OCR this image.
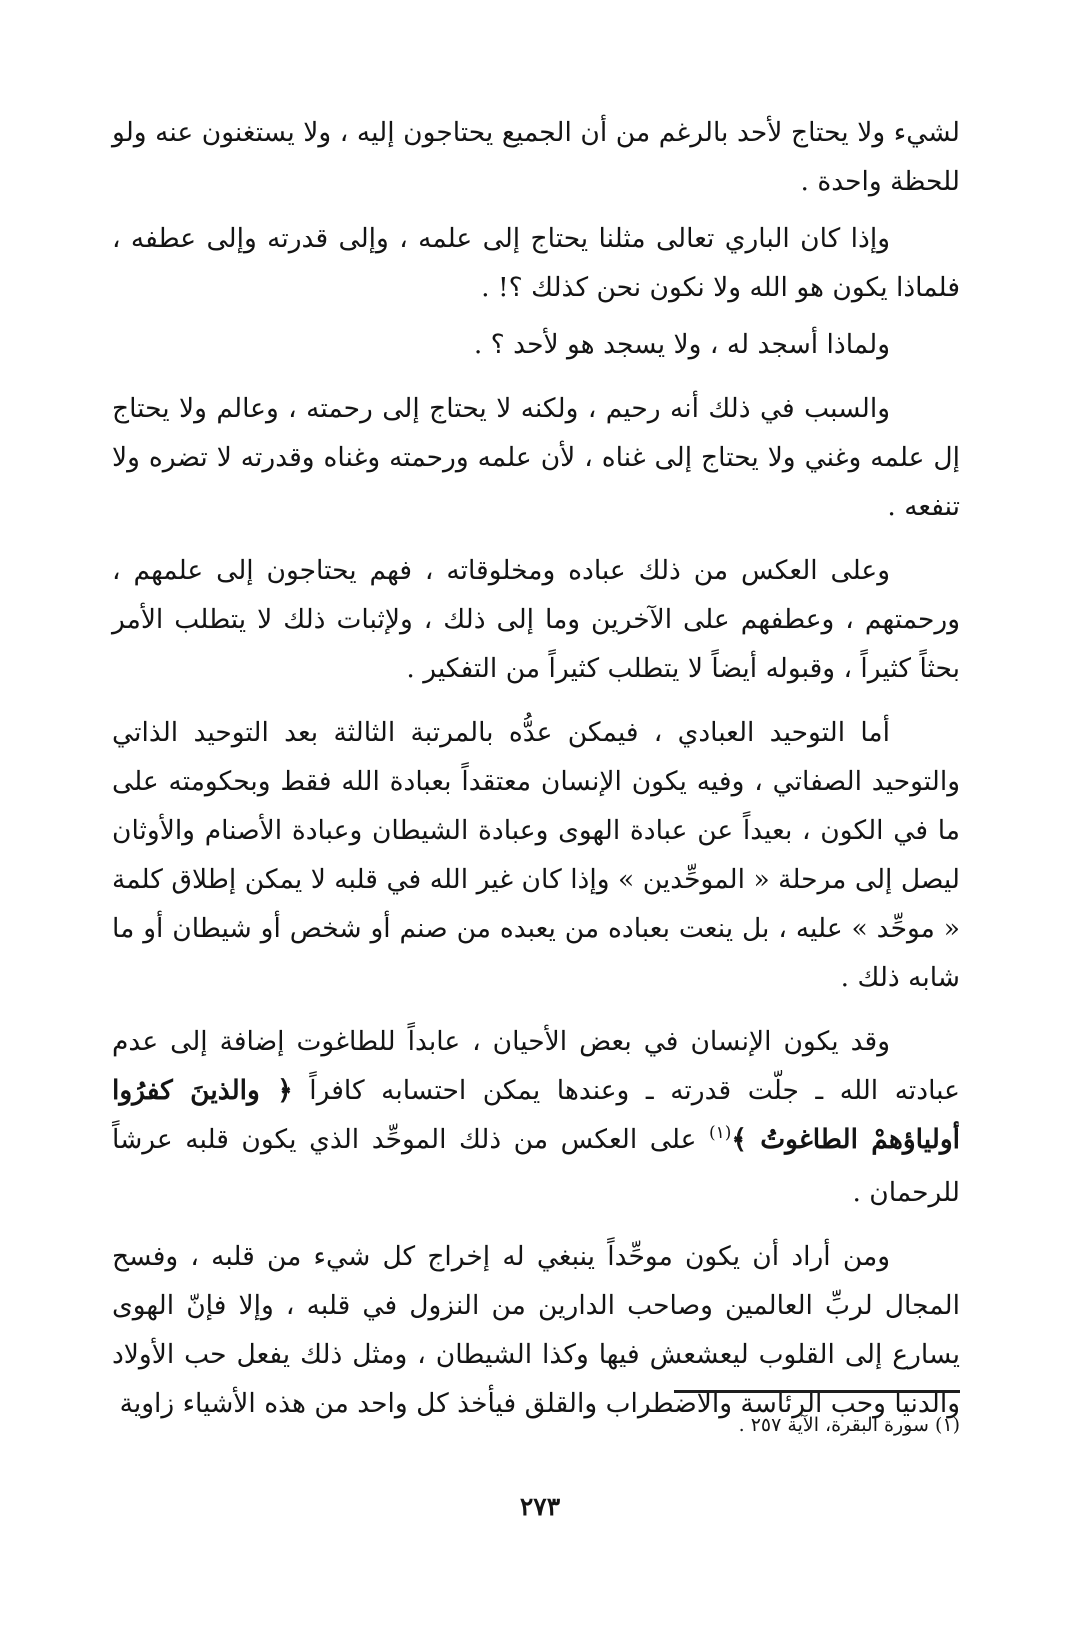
لشيء ولا يحتاج لأحد بالرغم من أن الجميع يحتاجون إليه ، ولا يستغنون عنه ولو للحظة واحدة .

وإذا كان الباري تعالى مثلنا يحتاج إلى علمه ، وإلى قدرته وإلى عطفه ، فلماذا يكون هو الله ولا نكون نحن كذلك ؟! .

ولماذا أسجد له ، ولا يسجد هو لأحد ؟ .

والسبب في ذلك أنه رحيم ، ولكنه لا يحتاج إلى رحمته ، وعالم ولا يحتاج إل علمه وغني ولا يحتاج إلى غناه ، لأن علمه ورحمته وغناه وقدرته لا تضره ولا تنفعه .

وعلى العكس من ذلك عباده ومخلوقاته ، فهم يحتاجون إلى علمهم ، ورحمتهم ، وعطفهم على الآخرين وما إلى ذلك ، ولإثبات ذلك لا يتطلب الأمر بحثاً كثيراً ، وقبوله أيضاً لا يتطلب كثيراً من التفكير .

أما التوحيد العبادي ، فيمكن عدُّه بالمرتبة الثالثة بعد التوحيد الذاتي والتوحيد الصفاتي ، وفيه يكون الإنسان معتقداً بعبادة الله فقط وبحكومته على ما في الكون ، بعيداً عن عبادة الهوى وعبادة الشيطان وعبادة الأصنام والأوثان ليصل إلى مرحلة « الموحِّدين » وإذا كان غير الله في قلبه لا يمكن إطلاق كلمة « موحِّد » عليه ، بل ينعت بعباده من يعبده من صنم أو شخص أو شيطان أو ما شابه ذلك .

وقد يكون الإنسان في بعض الأحيان ، عابداً للطاغوت إضافة إلى عدم عبادته الله ـ جلّت قدرته ـ وعندها يمكن احتسابه كافراً ﴿ والذينَ كفرُوا أولياؤهمْ الطاغوتُ ﴾$^{(١)}$ على العكس من ذلك الموحِّد الذي يكون قلبه عرشاً للرحمان .

ومن أراد أن يكون موحِّداً ينبغي له إخراج كل شيء من قلبه ، وفسح المجال لربِّ العالمين وصاحب الدارين من النزول في قلبه ، وإلا فإنّ الهوى يسارع إلى القلوب ليعشعش فيها وكذا الشيطان ، ومثل ذلك يفعل حب الأولاد والدنيا وحب الرئاسة والاضطراب والقلق فيأخذ كل واحد من هذه الأشياء زاوية

(١) سورة البقرة، الآية ٢٥٧ .
٢٧٣
